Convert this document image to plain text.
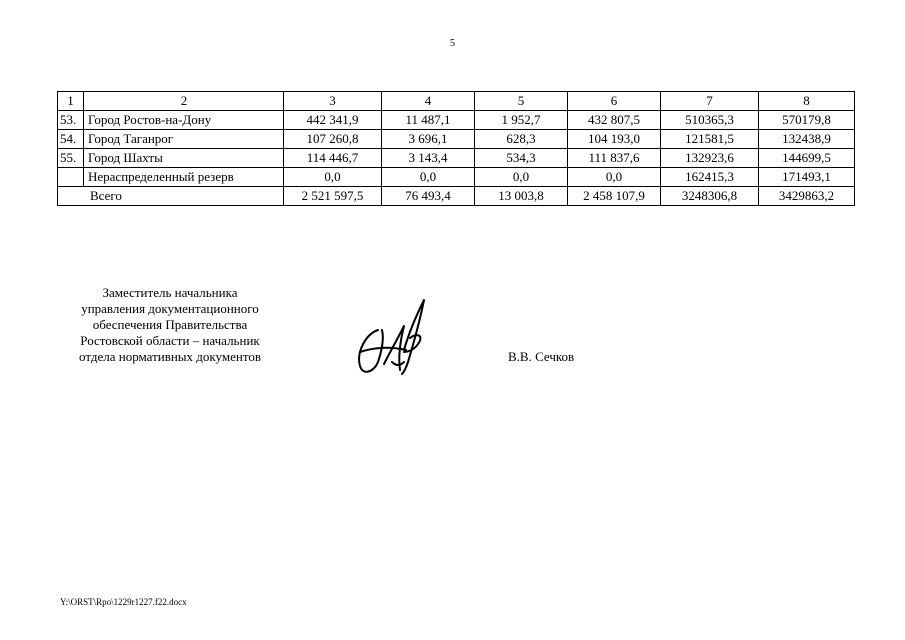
5
1	2	3	4	5	6	7	8
53.	Город Ростов-на-Дону	442 341,9	11 487,1	1 952,7	432 807,5	510365,3	570179,8
54.	Город Таганрог	107 260,8	3 696,1	628,3	104 193,0	121581,5	132438,9
55.	Город Шахты	114 446,7	3 143,4	534,3	111 837,6	132923,6	144699,5
	Нераспределенный резерв	0,0	0,0	0,0	0,0	162415,3	171493,1
Всего		2 521 597,5	76 493,4	13 003,8	2 458 107,9	3248306,8	3429863,2
Заместитель начальника
управления документационного
обеспечения Правительства
Ростовской области – начальник
отдела нормативных документов	В.В. Сечков
Y:\ORST\Rpo\1229r1227.f22.docx
